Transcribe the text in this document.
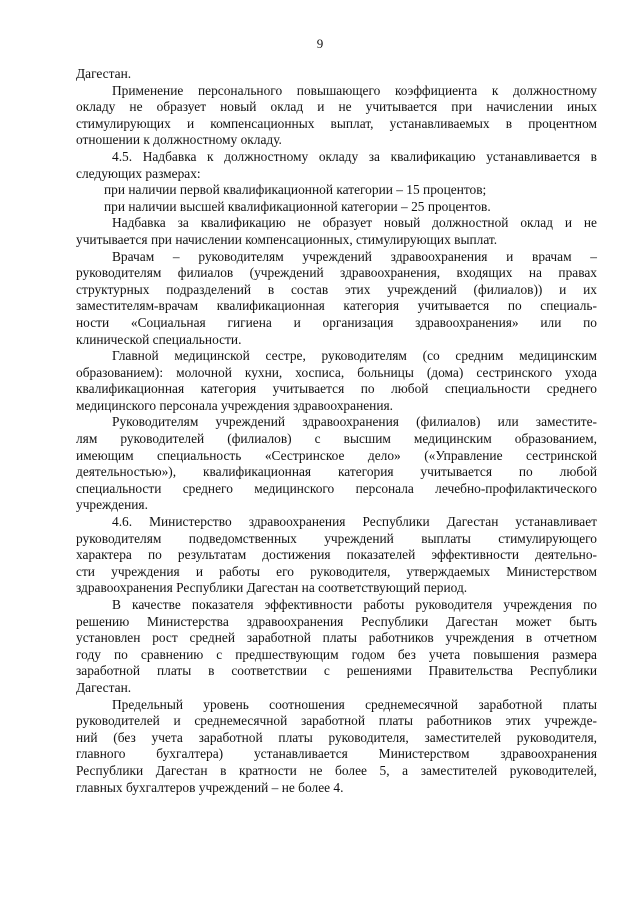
9
Дагестан.
Применение персонального повышающего коэффициента к должностному
окладу не образует новый оклад и не учитывается при начислении иных
стимулирующих и компенсационных выплат, устанавливаемых в процентном
отношении к должностному окладу.
4.5. Надбавка к должностному окладу за квалификацию устанавливается в
следующих размерах:
при наличии первой квалификационной категории – 15 процентов;
при наличии высшей квалификационной категории – 25 процентов.
Надбавка за квалификацию не образует новый должностной оклад и не
учитывается при начислении компенсационных, стимулирующих выплат.
Врачам – руководителям учреждений здравоохранения и врачам –
руководителям филиалов (учреждений здравоохранения, входящих на правах
структурных подразделений в состав этих учреждений (филиалов)) и их
заместителям-врачам квалификационная категория учитывается по специаль-
ности «Социальная гигиена и организация здравоохранения» или по
клинической специальности.
Главной медицинской сестре, руководителям (со средним медицинским
образованием): молочной кухни, хосписа, больницы (дома) сестринского ухода
квалификационная категория учитывается по любой специальности среднего
медицинского персонала учреждения здравоохранения.
Руководителям учреждений здравоохранения (филиалов) или заместите-
лям руководителей (филиалов) с высшим медицинским образованием,
имеющим специальность «Сестринское дело» («Управление сестринской
деятельностью»), квалификационная категория учитывается по любой
специальности среднего медицинского персонала лечебно-профилактического
учреждения.
4.6. Министерство здравоохранения Республики Дагестан устанавливает
руководителям подведомственных учреждений выплаты стимулирующего
характера по результатам достижения показателей эффективности деятельно-
сти учреждения и работы его руководителя, утверждаемых Министерством
здравоохранения Республики Дагестан на соответствующий период.
В качестве показателя эффективности работы руководителя учреждения по
решению Министерства здравоохранения Республики Дагестан может быть
установлен рост средней заработной платы работников учреждения в отчетном
году по сравнению с предшествующим годом без учета повышения размера
заработной платы в соответствии с решениями Правительства Республики
Дагестан.
Предельный уровень соотношения среднемесячной заработной платы
руководителей и среднемесячной заработной платы работников этих учрежде-
ний (без учета заработной платы руководителя, заместителей руководителя,
главного бухгалтера) устанавливается Министерством здравоохранения
Республики Дагестан в кратности не более 5, а заместителей руководителей,
главных бухгалтеров учреждений – не более 4.
